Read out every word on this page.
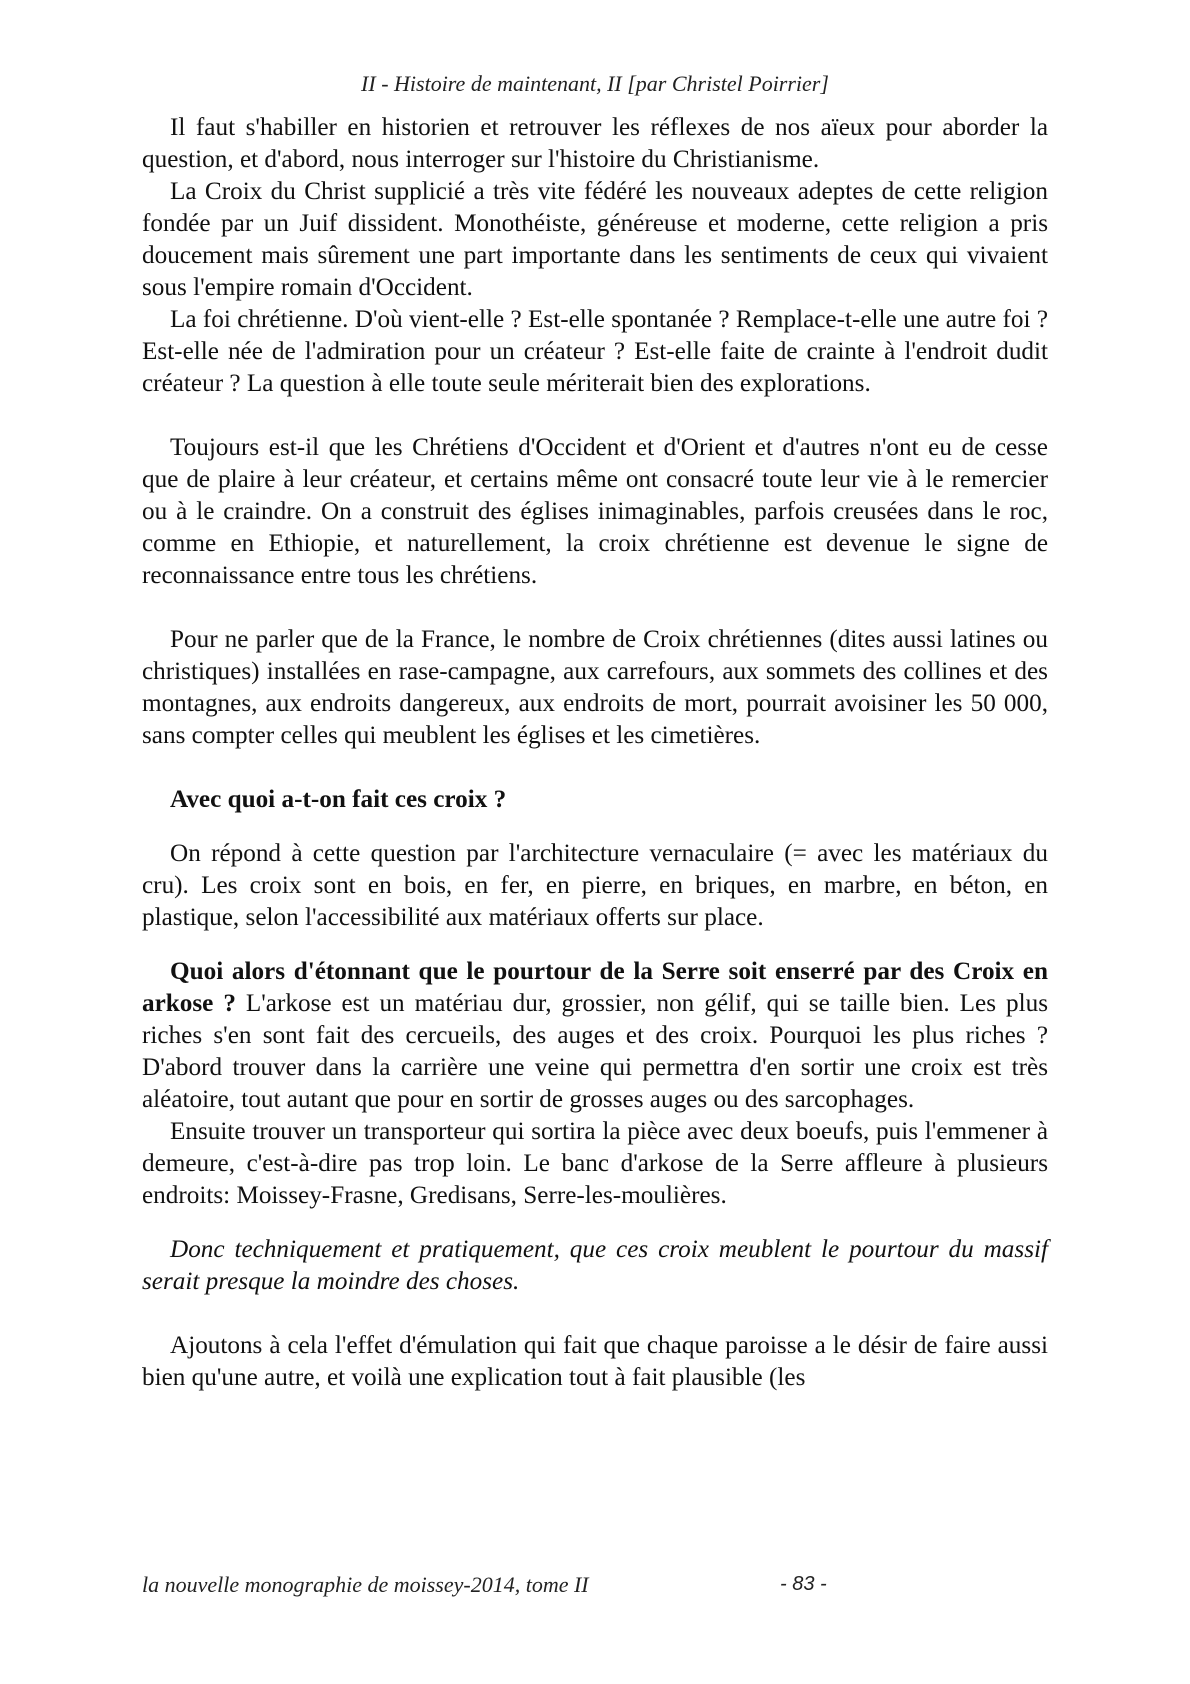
II - Histoire de maintenant, II [par Christel Poirrier]

Il faut s'habiller en historien et retrouver les réflexes de nos aïeux pour aborder la question, et d'abord, nous interroger sur l'histoire du Christianisme.

La Croix du Christ supplicié a très vite fédéré les nouveaux adeptes de cette religion fondée par un Juif dissident. Monothéiste, généreuse et moderne, cette religion a pris doucement mais sûrement une part importante dans les sentiments de ceux qui vivaient sous l'empire romain d'Occident.

La foi chrétienne. D'où vient-elle ? Est-elle spontanée ? Remplace-t-elle une autre foi ? Est-elle née de l'admiration pour un créateur ? Est-elle faite de crainte à l'endroit dudit créateur ? La question à elle toute seule mériterait bien des explorations.

Toujours est-il que les Chrétiens d'Occident et d'Orient et d'autres n'ont eu de cesse que de plaire à leur créateur, et certains même ont consacré toute leur vie à le remercier ou à le craindre. On a construit des églises inimaginables, parfois creusées dans le roc, comme en Ethiopie, et naturellement, la croix chrétienne est devenue le signe de reconnaissance entre tous les chrétiens.

Pour ne parler que de la France, le nombre de Croix chrétiennes (dites aussi latines ou christiques) installées en rase-campagne, aux carrefours, aux sommets des collines et des montagnes, aux endroits dangereux, aux endroits de mort, pourrait avoisiner les 50 000, sans compter celles qui meublent les églises et les cimetières.

Avec quoi a-t-on fait ces croix ?

On répond à cette question par l'architecture vernaculaire (= avec les matériaux du cru). Les croix sont en bois, en fer, en pierre, en briques, en marbre, en béton, en plastique, selon l'accessibilité aux matériaux offerts sur place.

Quoi alors d'étonnant que le pourtour de la Serre soit enserré par des Croix en arkose ? L'arkose est un matériau dur, grossier, non gélif, qui se taille bien. Les plus riches s'en sont fait des cercueils, des auges et des croix. Pourquoi les plus riches ? D'abord trouver dans la carrière une veine qui permettra d'en sortir une croix est très aléatoire, tout autant que pour en sortir de grosses auges ou des sarcophages.

Ensuite trouver un transporteur qui sortira la pièce avec deux boeufs, puis l'emmener à demeure, c'est-à-dire pas trop loin. Le banc d'arkose de la Serre affleure à plusieurs endroits: Moissey-Frasne, Gredisans, Serre-les-moulières.

Donc techniquement et pratiquement, que ces croix meublent le pourtour du massif serait presque la moindre des choses.

Ajoutons à cela l'effet d'émulation qui fait que chaque paroisse a le désir de faire aussi bien qu'une autre, et voilà une explication tout à fait plausible (les

la nouvelle monographie de moissey-2014, tome II	- 83 -
